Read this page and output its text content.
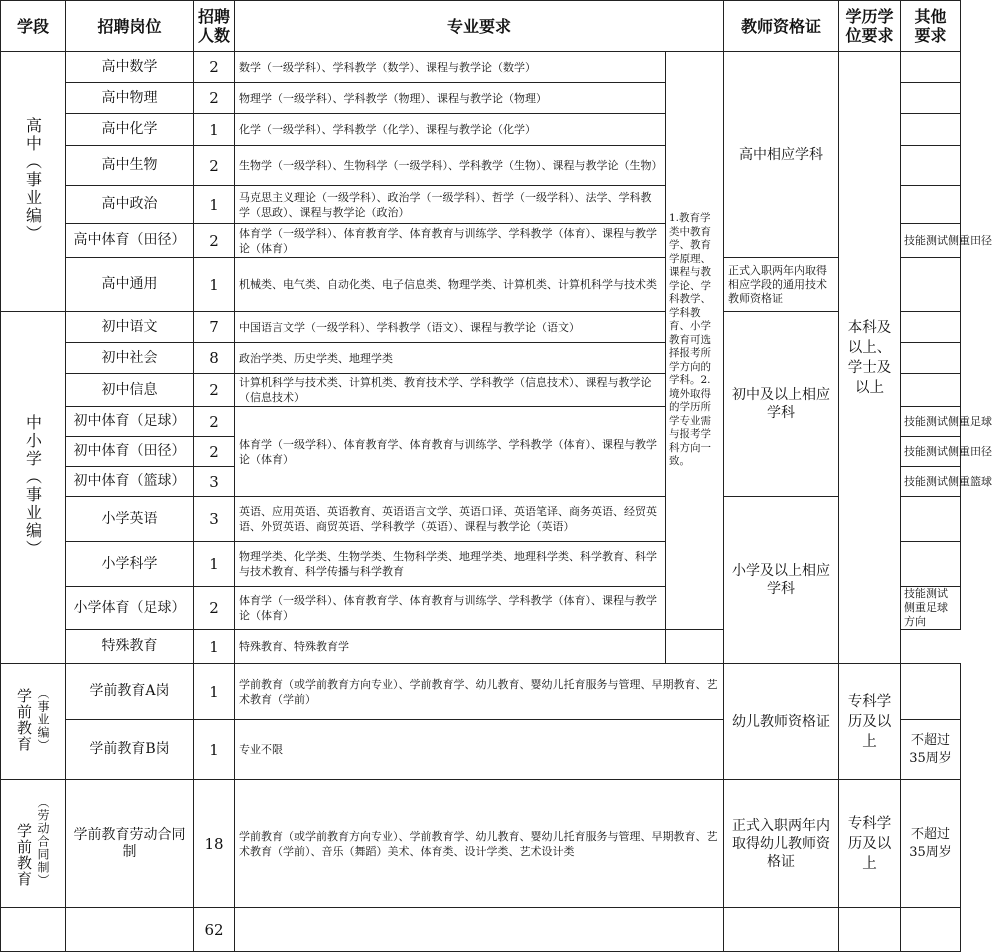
学段	招聘岗位	招聘人数	专业要求		教师资格证	学历学位要求	其他要求
高中（事业编）	高中数学	2	数学（一级学科）、学科教学（数学）、课程与教学论（数学）	1.教育学类中教育学、教育学原理、课程与教学论、学科教学、学科教育、小学教育可选择报考所学方向的学科。2.境外取得的学历所学专业需与报考学科方向一致。	高中相应学科	本科及以上、学士及以上	
	高中物理	2	物理学（一级学科）、学科教学（物理）、课程与教学论（物理）				
	高中化学	1	化学（一级学科）、学科教学（化学）、课程与教学论（化学）				
	高中生物	2	生物学（一级学科）、生物科学（一级学科）、学科教学（生物）、课程与教学论（生物）				
	高中政治	1	马克思主义理论（一级学科）、政治学（一级学科）、哲学（一级学科）、法学、学科教学（思政）、课程与教学论（政治）				
	高中体育（田径）	2	体育学（一级学科）、体育教育学、体育教育与训练学、学科教学（体育）、课程与教学论（体育）				技能测试侧重田径
	高中通用	1	机械类、电气类、自动化类、电子信息类、物理学类、计算机类、计算机科学与技术类		正式入职两年内取得相应学段的通用技术教师资格证		
中小学（事业编）	初中语文	7	中国语言文学（一级学科）、学科教学（语文）、课程与教学论（语文）		初中及以上相应学科		
	初中社会	8	政治学类、历史学类、地理学类				
	初中信息	2	计算机科学与技术类、计算机类、教育技术学、学科教学（信息技术）、课程与教学论（信息技术）				
	初中体育（足球）	2	体育学（一级学科）、体育教育学、体育教育与训练学、学科教学（体育）、课程与教学论（体育）				技能测试侧重足球
	初中体育（田径）	2					技能测试侧重田径
	初中体育（篮球）	3					技能测试侧重篮球
	小学英语	3	英语、应用英语、英语教育、英语语言文学、英语口译、英语笔译、商务英语、经贸英语、外贸英语、商贸英语、学科教学（英语）、课程与教学论（英语）		小学及以上相应学科		
	小学科学	1	物理学类、化学类、生物学类、生物科学类、地理学类、地理科学类、科学教育、科学与技术教育、科学传播与科学教育				
	小学体育（足球）	2	体育学（一级学科）、体育教育学、体育教育与训练学、学科教学（体育）、课程与教学论（体育）				技能测试侧重足球方向
	特殊教育	1	特殊教育、特殊教育学				
学前教育 （事业编）	学前教育A岗	1	学前教育（或学前教育方向专业）、学前教育学、幼儿教育、婴幼儿托育服务与管理、早期教育、艺术教育（学前）		幼儿教师资格证	专科学历及以上	
	学前教育B岗	1	专业不限				不超过35周岁
学前教育 （劳动合同制）	学前教育劳动合同制	18	学前教育（或学前教育方向专业）、学前教育学、幼儿教育、婴幼儿托育服务与管理、早期教育、艺术教育（学前）、音乐（舞蹈）美术、体育类、设计学类、艺术设计类		正式入职两年内取得幼儿教师资格证	专科学历及以上	不超过35周岁
		62					
